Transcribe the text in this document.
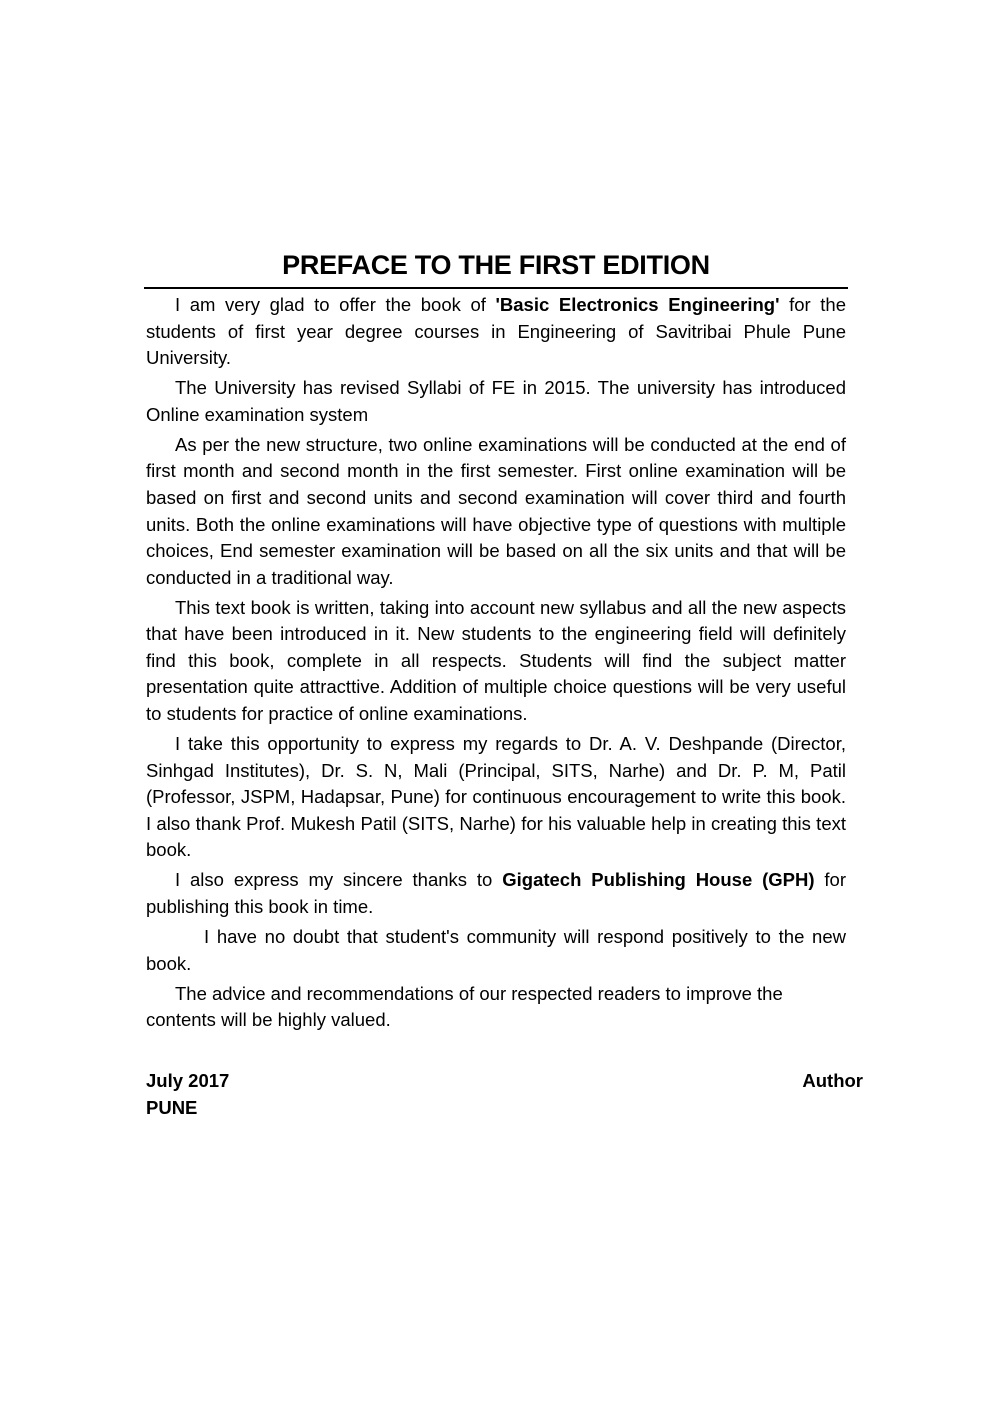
PREFACE TO THE FIRST EDITION

I am very glad to offer the book of 'Basic Electronics Engineering' for the students of first year degree courses in Engineering of Savitribai Phule Pune University.

The University has revised Syllabi of FE in 2015. The university has introduced Online examination system

As per the new structure, two online examinations will be conducted at the end of first month and second month in the first semester. First online examination will be based on first and second units and second examination will cover third and fourth units. Both the online examinations will have objective type of questions with multiple choices, End semester examination will be based on all the six units and that will be conducted in a traditional way.

This text book is written, taking into account new syllabus and all the new aspects that have been introduced in it. New students to the engineering field will definitely find this book, complete in all respects. Students will find the subject matter presentation quite attracttive. Addition of multiple choice questions will be very useful to students for practice of online examinations.

I take this opportunity to express my regards to Dr. A. V. Deshpande (Director, Sinhgad Institutes), Dr. S. N, Mali (Principal, SITS, Narhe) and Dr. P. M, Patil (Professor, JSPM, Hadapsar, Pune) for continuous encouragement to write this book. I also thank Prof. Mukesh Patil (SITS, Narhe) for his valuable help in creating this text book.

I also express my sincere thanks to Gigatech Publishing House (GPH) for publishing this book in time.

I have no doubt that student's community will respond positively to the new book.

The advice and recommendations of our respected readers to improve the contents will be highly valued.

July 2017	Author

PUNE
